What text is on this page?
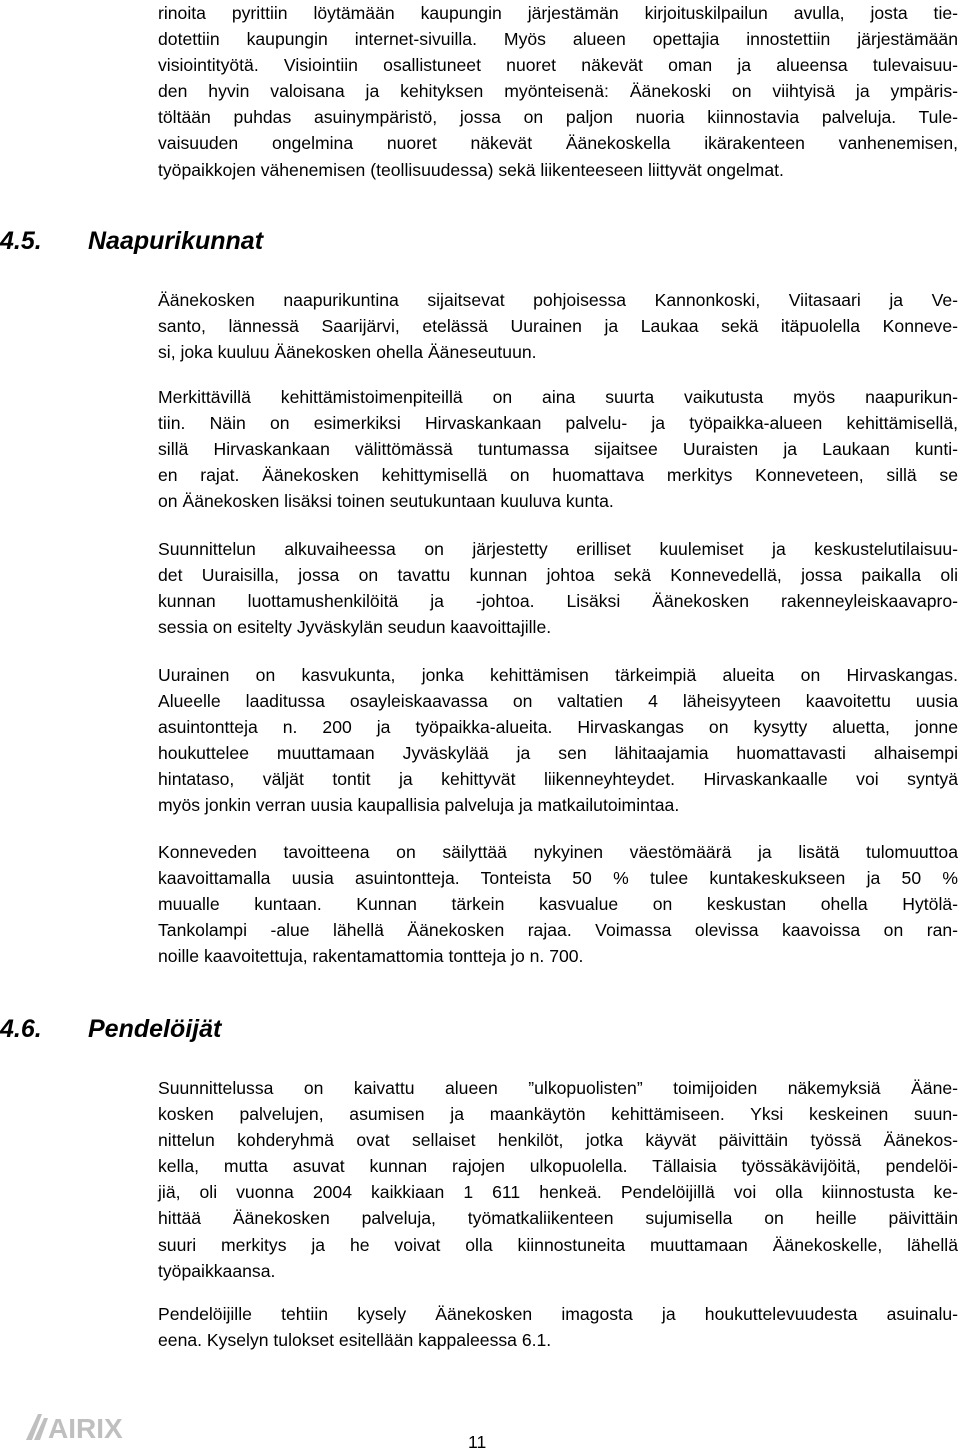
rinoita pyrittiin löytämään kaupungin järjestämän kirjoituskilpailun avulla, josta tie-
dotettiin kaupungin internet-sivuilla. Myös alueen opettajia innostettiin järjestämään
visiointityötä. Visiointiin osallistuneet nuoret näkevät oman ja alueensa tulevaisuu-
den hyvin valoisana ja kehityksen myönteisenä: Äänekoski on viihtyisä ja ympäris-
töltään puhdas asuinympäristö, jossa on paljon nuoria kiinnostavia palveluja. Tule-
vaisuuden ongelmina nuoret näkevät Äänekoskella ikärakenteen vanhenemisen,
työpaikkojen vähenemisen (teollisuudessa) sekä liikenteeseen liittyvät ongelmat.
4.5. Naapurikunnat
Äänekosken naapurikuntina sijaitsevat pohjoisessa Kannonkoski, Viitasaari ja Ve-
santo, lännessä Saarijärvi, etelässä Uurainen ja Laukaa sekä itäpuolella Konneve-
si, joka kuuluu Äänekosken ohella Ääneseutuun.
Merkittävillä kehittämistoimenpiteillä on aina suurta vaikutusta myös naapurikun-
tiin. Näin on esimerkiksi Hirvaskankaan palvelu- ja työpaikka-alueen kehittämisellä,
sillä Hirvaskankaan välittömässä tuntumassa sijaitsee Uuraisten ja Laukaan kunti-
en rajat. Äänekosken kehittymisellä on huomattava merkitys Konneveteen, sillä se
on Äänekosken lisäksi toinen seutukuntaan kuuluva kunta.
Suunnittelun alkuvaiheessa on järjestetty erilliset kuulemiset ja keskustelutilaisuu-
det Uuraisilla, jossa on tavattu kunnan johtoa sekä Konnevedellä, jossa paikalla oli
kunnan luottamushenkilöitä ja -johtoa. Lisäksi Äänekosken rakenneyleiskaavapro-
sessia on esitelty Jyväskylän seudun kaavoittajille.
Uurainen on kasvukunta, jonka kehittämisen tärkeimpiä alueita on Hirvaskangas.
Alueelle laaditussa osayleiskaavassa on valtatien 4 läheisyyteen kaavoitettu uusia
asuintontteja n. 200 ja työpaikka-alueita. Hirvaskangas on kysytty aluetta, jonne
houkuttelee muuttamaan Jyväskylää ja sen lähitaajamia huomattavasti alhaisempi
hintataso, väljät tontit ja kehittyvät liikenneyhteydet. Hirvaskankaalle voi syntyä
myös jonkin verran uusia kaupallisia palveluja ja matkailutoimintaa.
Konneveden tavoitteena on säilyttää nykyinen väestömäärä ja lisätä tulomuuttoa
kaavoittamalla uusia asuintontteja. Tonteista 50 % tulee kuntakeskukseen ja 50 %
muualle kuntaan. Kunnan tärkein kasvualue on keskustan ohella Hytölä-
Tankolampi -alue lähellä Äänekosken rajaa. Voimassa olevissa kaavoissa on ran-
noille kaavoitettuja, rakentamattomia tontteja jo n. 700.
4.6. Pendelöijät
Suunnittelussa on kaivattu alueen ”ulkopuolisten” toimijoiden näkemyksiä Ääne-
kosken palvelujen, asumisen ja maankäytön kehittämiseen. Yksi keskeinen suun-
nittelun kohderyhmä ovat sellaiset henkilöt, jotka käyvät päivittäin työssä Äänekos-
kella, mutta asuvat kunnan rajojen ulkopuolella. Tällaisia työssäkävijöitä, pendelöi-
jiä, oli vuonna 2004 kaikkiaan 1 611 henkeä. Pendelöijillä voi olla kiinnostusta ke-
hittää Äänekosken palveluja, työmatkaliikenteen sujumisella on heille päivittäin
suuri merkitys ja he voivat olla kiinnostuneita muuttamaan Äänekoskelle, lähellä
työpaikkaansa.
Pendelöijille tehtiin kysely Äänekosken imagosta ja houkuttelevuudesta asuinalu-
eena. Kyselyn tulokset esitellään kappaleessa 6.1.
AIRIX	11
